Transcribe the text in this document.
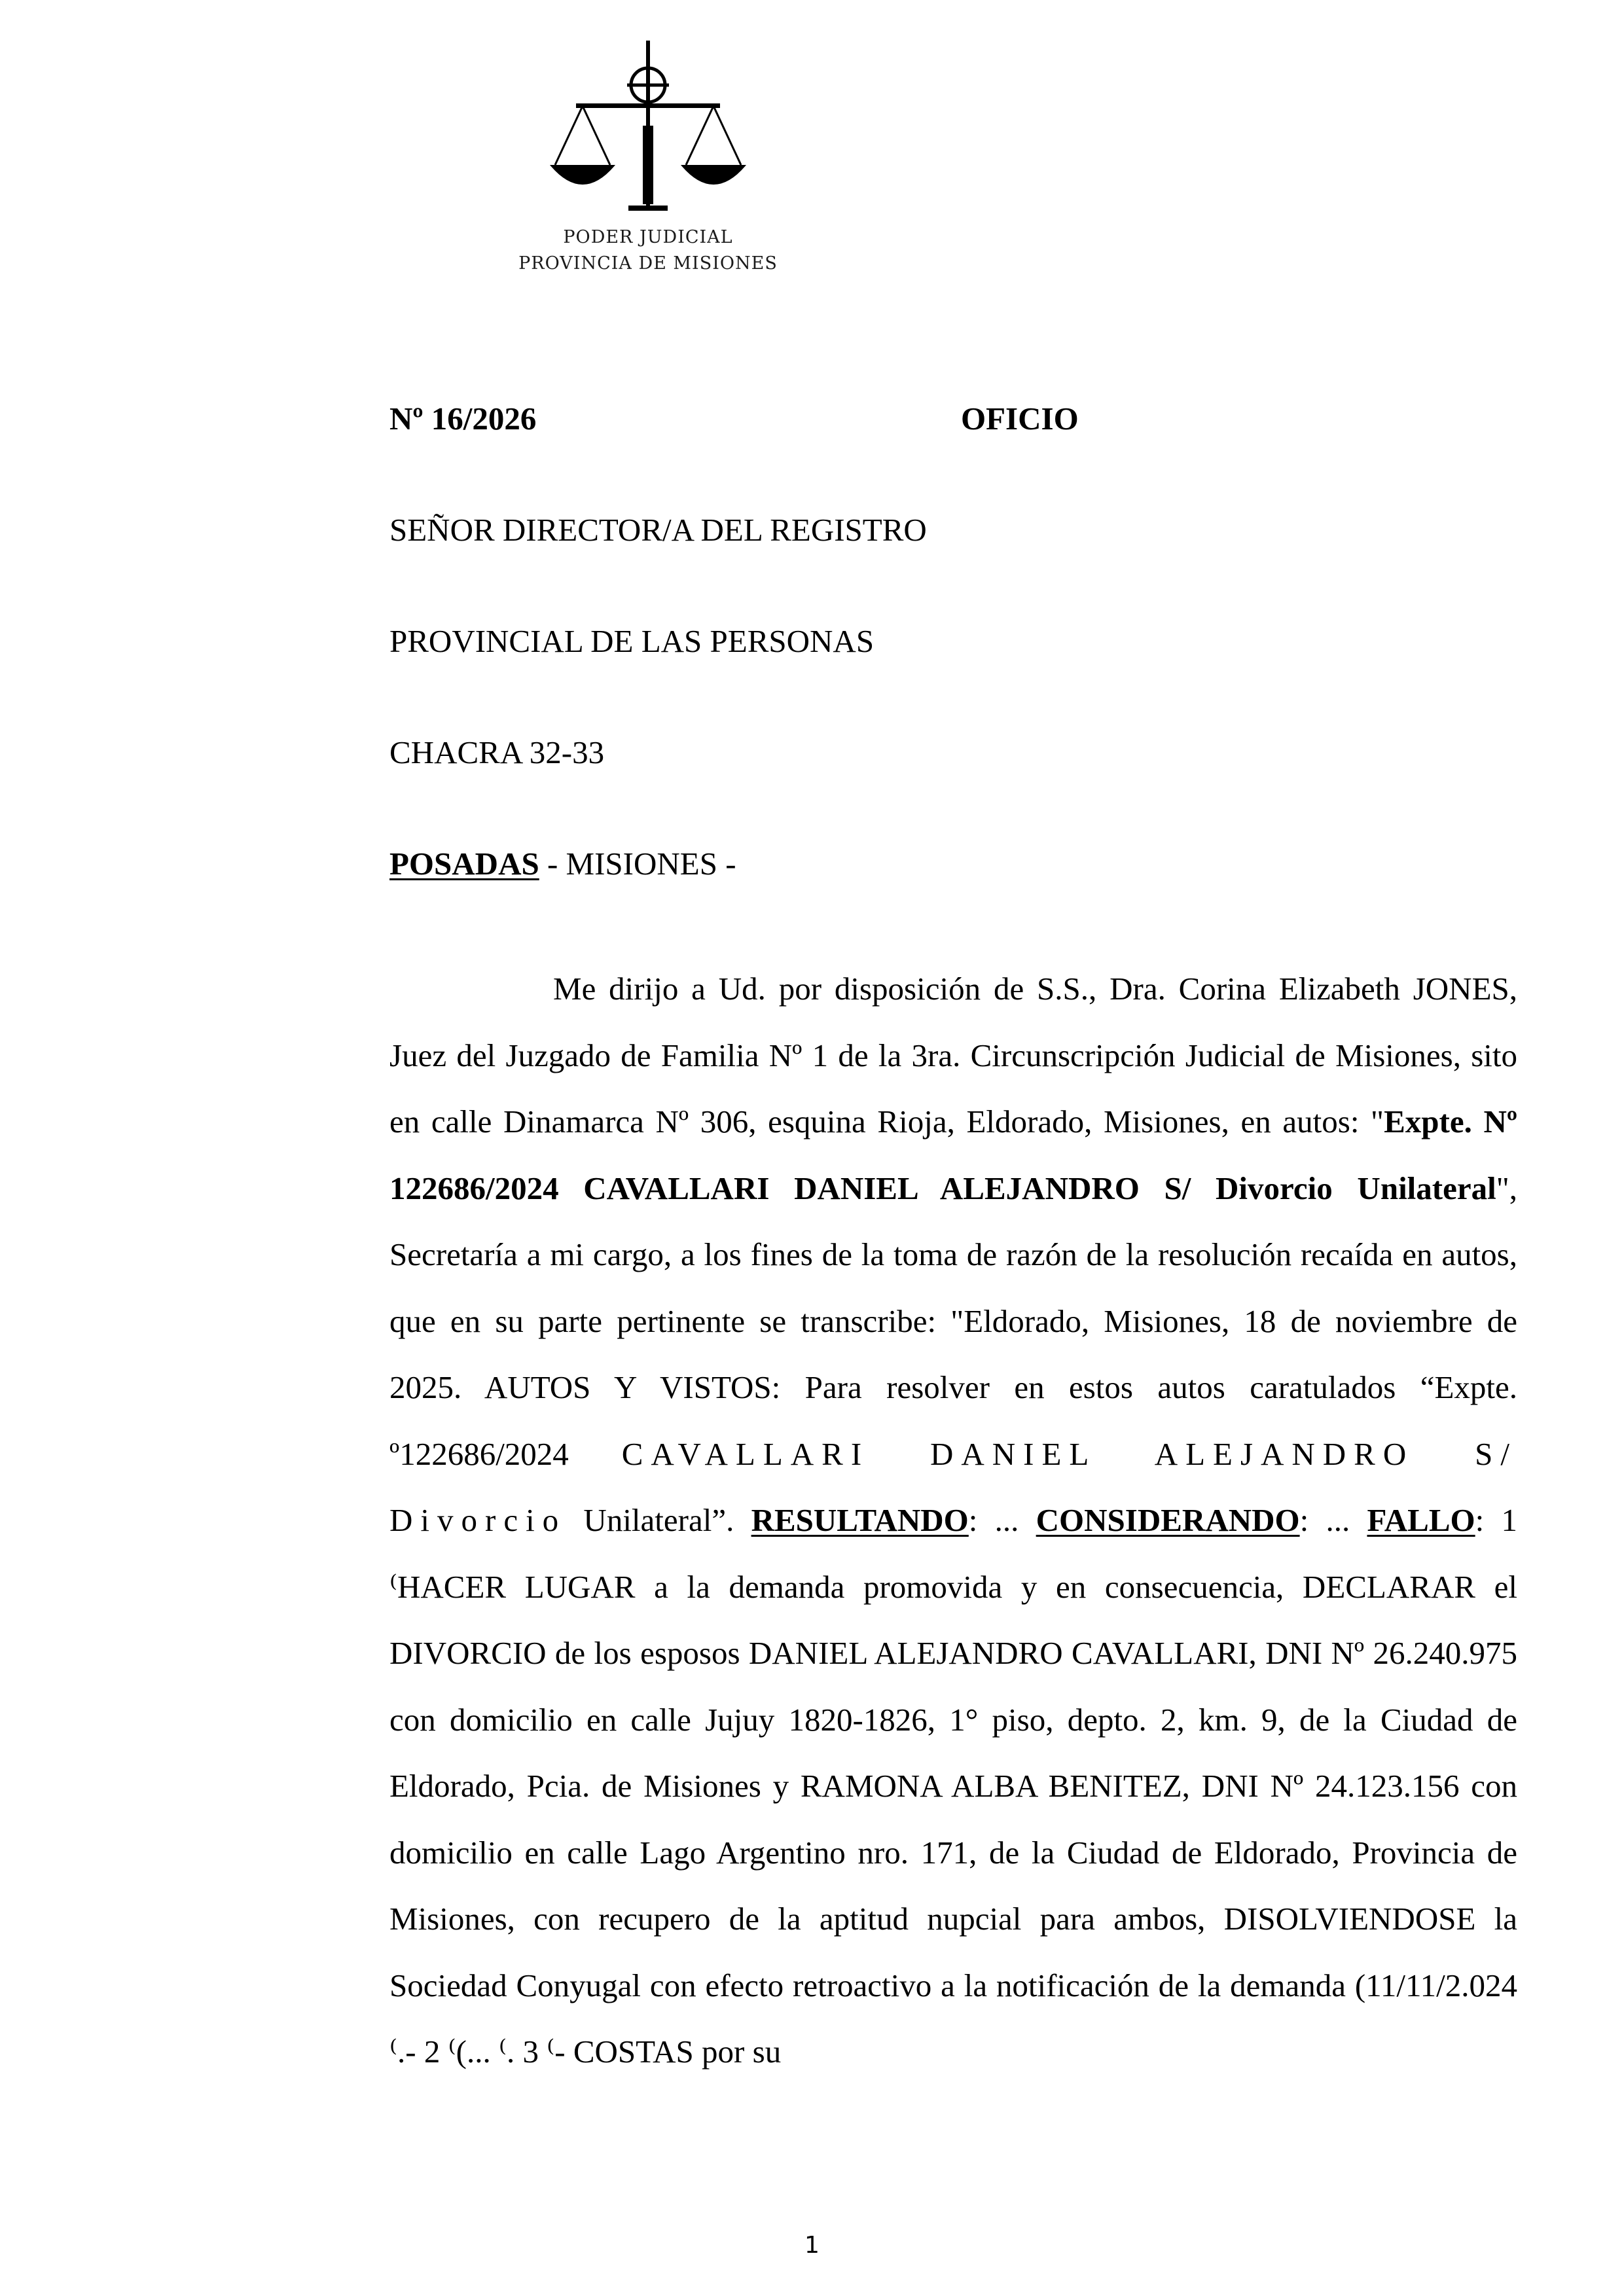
PODER JUDICIAL
PROVINCIA DE MISIONES
Nº 16/2026	OFICIO
SEÑOR DIRECTOR/A DEL REGISTRO
PROVINCIAL DE LAS PERSONAS
CHACRA 32-33
POSADAS - MISIONES -

Me dirijo a Ud. por disposición de S.S., Dra. Corina Elizabeth JONES, Juez del Juzgado de Familia Nº 1 de la 3ra. Circunscripción Judicial de Misiones, sito en calle Dinamarca Nº 306, esquina Rioja, Eldorado, Misiones, en autos: "Expte. Nº 122686/2024 CAVALLARI DANIEL ALEJANDRO S/ Divorcio Unilateral", Secretaría a mi cargo, a los fines de la toma de razón de la resolución recaída en autos, que en su parte pertinente se transcribe: "Eldorado, Misiones, 18 de noviembre de 2025. AUTOS Y VISTOS: Para resolver en estos autos caratulados “Expte. º122686/2024 CAVALLARI DANIEL ALEJANDRO S/ Divorcio Unilateral”. RESULTANDO: ... CONSIDERANDO: ... FALLO: 1 ⁽HACER LUGAR a la demanda promovida y en consecuencia, DECLARAR el DIVORCIO de los esposos DANIEL ALEJANDRO CAVALLARI, DNI Nº 26.240.975 con domicilio en calle Jujuy 1820-1826, 1° piso, depto. 2, km. 9, de la Ciudad de Eldorado, Pcia. de Misiones y RAMONA ALBA BENITEZ, DNI Nº 24.123.156 con domicilio en calle Lago Argentino nro. 171, de la Ciudad de Eldorado, Provincia de Misiones, con recupero de la aptitud nupcial para ambos, DISOLVIENDOSE la Sociedad Conyugal con efecto retroactivo a la notificación de la demanda (11/11/2.024 ⁽.- 2 ⁽(... ⁽. 3 ⁽- COSTAS por su

1
